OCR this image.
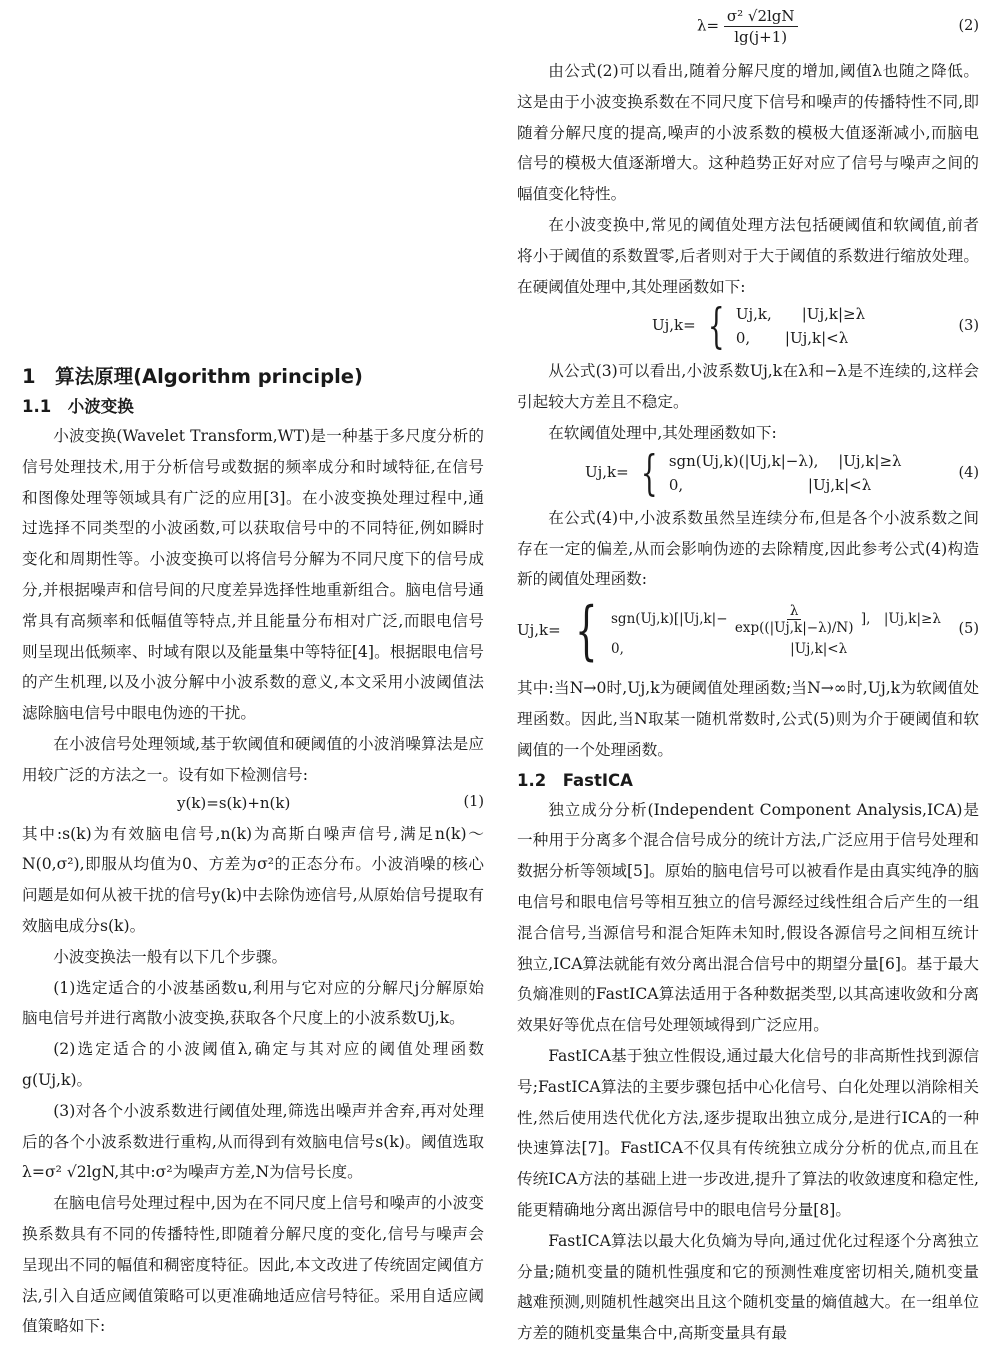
1　算法原理(Algorithm principle)
1.1　小波变换

小波变换(Wavelet Transform,WT)是一种基于多尺度分析的信号处理技术,用于分析信号或数据的频率成分和时域特征,在信号和图像处理等领域具有广泛的应用[3]。在小波变换处理过程中,通过选择不同类型的小波函数,可以获取信号中的不同特征,例如瞬时变化和周期性等。小波变换可以将信号分解为不同尺度下的信号成分,并根据噪声和信号间的尺度差异选择性地重新组合。脑电信号通常具有高频率和低幅值等特点,并且能量分布相对广泛,而眼电信号则呈现出低频率、时域有限以及能量集中等特征[4]。根据眼电信号的产生机理,以及小波分解中小波系数的意义,本文采用小波阈值法滤除脑电信号中眼电伪迹的干扰。

在小波信号处理领域,基于软阈值和硬阈值的小波消噪算法是应用较广泛的方法之一。设有如下检测信号:

y(k)=s(k)+n(k)	(1)

其中:s(k)为有效脑电信号,n(k)为高斯白噪声信号,满足n(k)～N(0,σ²),即服从均值为0、方差为σ²的正态分布。小波消噪的核心问题是如何从被干扰的信号y(k)中去除伪迹信号,从原始信号提取有效脑电成分s(k)。

小波变换法一般有以下几个步骤。

(1)选定适合的小波基函数u,利用与它对应的分解尺j分解原始脑电信号并进行离散小波变换,获取各个尺度上的小波系数Uj,k。

(2)选定适合的小波阈值λ,确定与其对应的阈值处理函数g(Uj,k)。

(3)对各个小波系数进行阈值处理,筛选出噪声并舍弃,再对处理后的各个小波系数进行重构,从而得到有效脑电信号s(k)。阈值选取λ=σ² √2lgN,其中:σ²为噪声方差,N为信号长度。

在脑电信号处理过程中,因为在不同尺度上信号和噪声的小波变换系数具有不同的传播特性,即随着分解尺度的变化,信号与噪声会呈现出不同的幅值和稠密度特征。因此,本文改进了传统固定阈值方法,引入自适应阈值策略可以更准确地适应信号特征。采用自适应阈值策略如下:

$\lambda= \frac{\text{σ² √2lgN}}{\lg(j+1)}$	(2)

由公式(2)可以看出,随着分解尺度的增加,阈值λ也随之降低。这是由于小波变换系数在不同尺度下信号和噪声的传播特性不同,即随着分解尺度的提高,噪声的小波系数的模极大值逐渐减小,而脑电信号的模极大值逐渐增大。这种趋势正好对应了信号与噪声之间的幅值变化特性。

在小波变换中,常见的阈值处理方法包括硬阈值和软阈值,前者将小于阈值的系数置零,后者则对于大于阈值的系数进行缩放处理。在硬阈值处理中,其处理函数如下:

Uj,k= { Uj,k,　　|Uj,k|≥λ
0,　　 |Uj,k|<λ
(3)

从公式(3)可以看出,小波系数Uj,k在λ和−λ是不连续的,这样会引起较大方差且不稳定。

在软阈值处理中,其处理函数如下:

Uj,k= { sgn(Uj,k)(|Uj,k|−λ),　 |Uj,k|≥λ
0,　　　　　　　　 |Uj,k|<λ
(4)

在公式(4)中,小波系数虽然呈连续分布,但是各个小波系数之间存在一定的偏差,从而会影响伪迹的去除精度,因此参考公式(4)构造新的阈值处理函数:

Uj,k= { $sgn(Uj,k)[|Uj,k|- \frac{\lambda}{\exp((|Uj,k|-\lambda)/N)}$ ],　|Uj,k|≥λ
0,　　　　　　　　　　　　 |Uj,k|<λ
(5)

其中:当N→0时,Uj,k为硬阈值处理函数;当N→∞时,Uj,k为软阈值处理函数。因此,当N取某一随机常数时,公式(5)则为介于硬阈值和软阈值的一个处理函数。

1.2　FastICA

独立成分分析(Independent Component Analysis,ICA)是一种用于分离多个混合信号成分的统计方法,广泛应用于信号处理和数据分析等领域[5]。原始的脑电信号可以被看作是由真实纯净的脑电信号和眼电信号等相互独立的信号源经过线性组合后产生的一组混合信号,当源信号和混合矩阵未知时,假设各源信号之间相互统计独立,ICA算法就能有效分离出混合信号中的期望分量[6]。基于最大负熵准则的FastICA算法适用于各种数据类型,以其高速收敛和分离效果好等优点在信号处理领域得到广泛应用。

FastICA基于独立性假设,通过最大化信号的非高斯性找到源信号;FastICA算法的主要步骤包括中心化信号、白化处理以消除相关性,然后使用迭代优化方法,逐步提取出独立成分,是进行ICA的一种快速算法[7]。FastICA不仅具有传统独立成分分析的优点,而且在传统ICA方法的基础上进一步改进,提升了算法的收敛速度和稳定性,能更精确地分离出源信号中的眼电信号分量[8]。

FastICA算法以最大化负熵为导向,通过优化过程逐个分离独立分量;随机变量的随机性强度和它的预测性难度密切相关,随机变量越难预测,则随机性越突出且这个随机变量的熵值越大。在一组单位方差的随机变量集合中,高斯变量具有最
